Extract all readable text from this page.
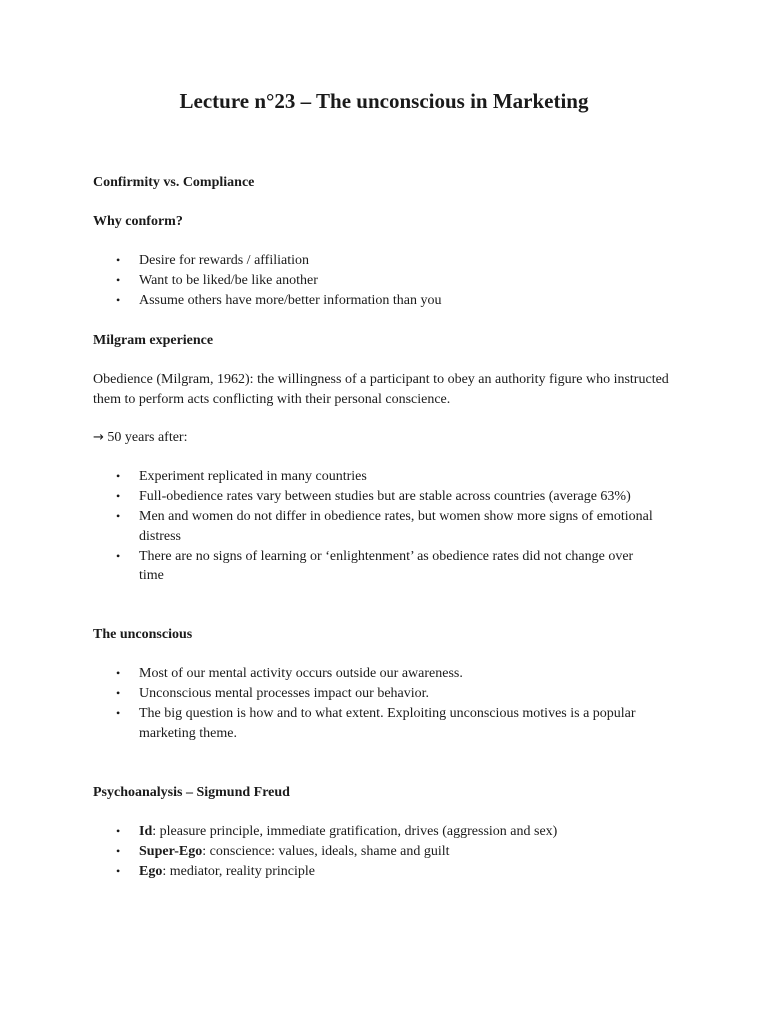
Lecture n°23 – The unconscious in Marketing

Confirmity vs. Compliance

Why conform?

• Desire for rewards / affiliation
• Want to be liked/be like another
• Assume others have more/better information than you

Milgram experience

Obedience (Milgram, 1962): the willingness of a participant to obey an authority figure who instructed them to perform acts conflicting with their personal conscience.

→ 50 years after:

• Experiment replicated in many countries
• Full-obedience rates vary between studies but are stable across countries (average 63%)
• Men and women do not differ in obedience rates, but women show more signs of emotional distress
• There are no signs of learning or ‘enlightenment’ as obedience rates did not change over time

The unconscious

• Most of our mental activity occurs outside our awareness.
• Unconscious mental processes impact our behavior.
• The big question is how and to what extent. Exploiting unconscious motives is a popular marketing theme.

Psychoanalysis – Sigmund Freud

• Id: pleasure principle, immediate gratification, drives (aggression and sex)
• Super-Ego: conscience: values, ideals, shame and guilt
• Ego: mediator, reality principle
